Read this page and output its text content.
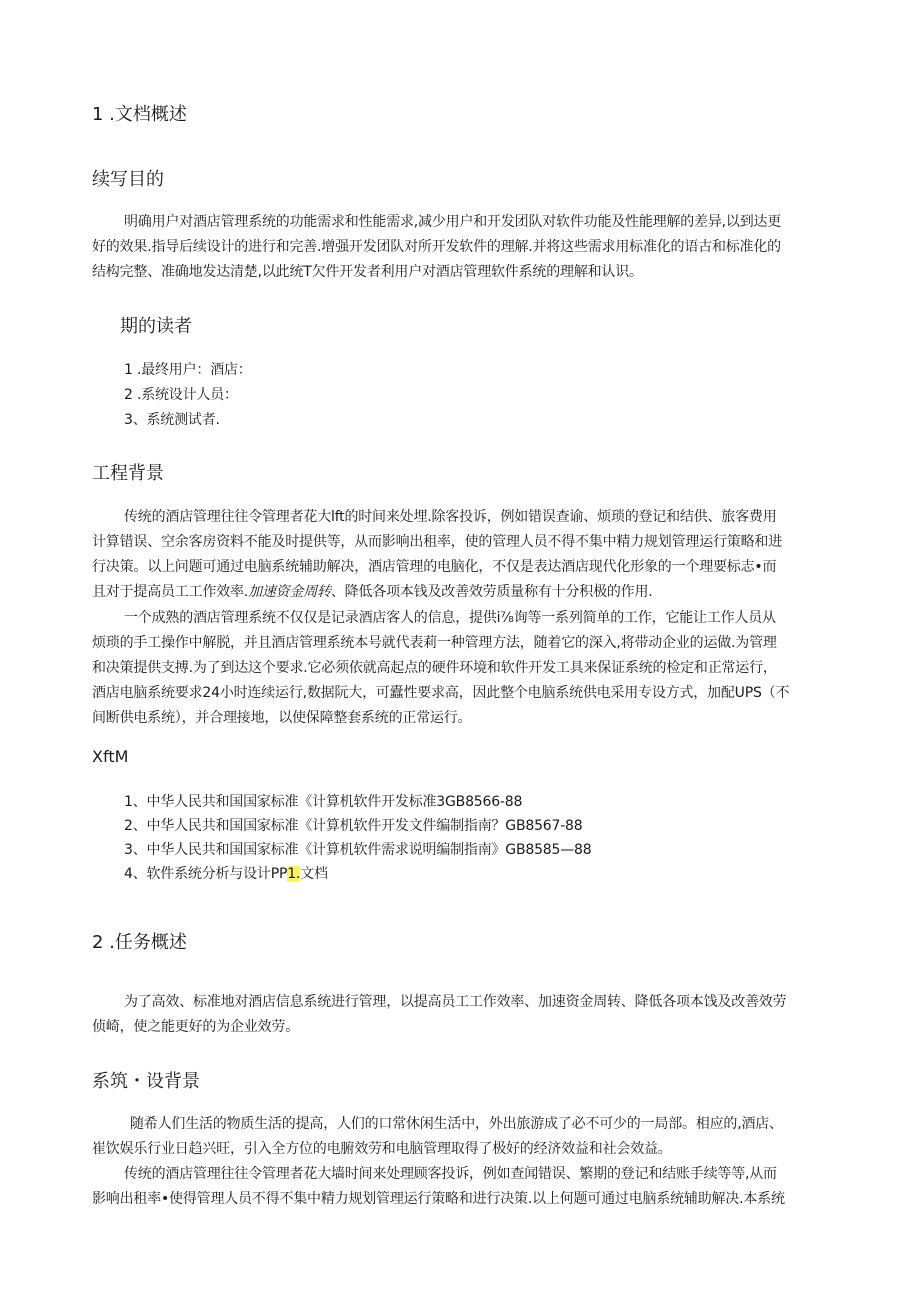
1 .文档概述
续写目的
明确用户对酒店管理系统的功能需求和性能需求,减少用户和开发团队对软件功能及性能理解的差异,以到达更
好的效果.指导后续设计的进行和完善.增强开发团队对所开发软件的理解.并将这些需求用标准化的语古和标准化的
结构完整、准确地发达清楚,以此统T欠件开发者利用户对酒店管理软件系统的理解和认识。
期的读者
1 .最终用户：酒店：
2 .系统设计人员：
3、系统测试者.
工程背景
传统的酒店管理往往令管理者花大lft的时间来处埋.除客投诉，例如错误查谕、烦琐的登记和结供、旅客费用
计算错误、空余客房资料不能及时提供等，从而影响出租率，使的管理人员不得不集中精力规划管理运行策略和进
行决策。以上问题可通过电脑系统辅助解决，酒店管理的电脑化，不仅是表达酒店现代化形象的一个理要标志•而
且对于提高员工工作效率.加速资金周转、降低各项本钱及改善效劳质量称有十分积极的作用.
一个成熟的酒店管理系统不仅仅是记录酒店客人的信息，提供i⅞询等一系列简单的工作，它能让工作人员从
烦琐的手工操作中解脱，并且酒店管理系统本号就代表莉一种管理方法，随着它的深入,将带动企业的运做.为管理
和决策提供支搏.为了到达这个要求.它必须依就高起点的硬件环境和软件开发工具来保证系统的检定和正常运行，
酒店电脑系统要求24小时连续运行,数据阮大，可蠹性要求高，因此整个电脑系统供电采用专设方式，加配UPS（不
间断供电系统），并合理接地，以使保障整套系统的正常运行。
XftM
1、中华人民共和国国家标准《计算机软件开发标准3GB8566-88
2、中华人民共和国国家标准《计算机软件开发文件编制指南？GB8567-88
3、中华人民共和国国家标准《计算机软件需求说明编制指南》GB8585—88
4、软件系统分析与设计PP1.文档
2 .任务概述
为了高效、标准地对酒店信息系统进行管理，以提高员工工作效率、加速资金周转、降低各项本饯及改善效劳
侦崎，使之能更好的为企业效劳。
系筑・设背景
随希人们生活的物质生活的提高，人们的口常休闲生活中，外出旅游成了必不可少的一局部。相应的,酒店、
崔饮娱乐行业日趋兴旺，引入全方位的电腑效劳和电脑管理取得了极好的经济效益和社会效益。
传统的酒店管理往往令管理者花大墙时间来处理顾客投诉，例如查闻错误、繁期的登记和结账手续等等,从而
影响出租率•使得管理人员不得不集中精力规划管理运行策略和进行决策.以上何题可通过电脑系统辅助解决.本系统
